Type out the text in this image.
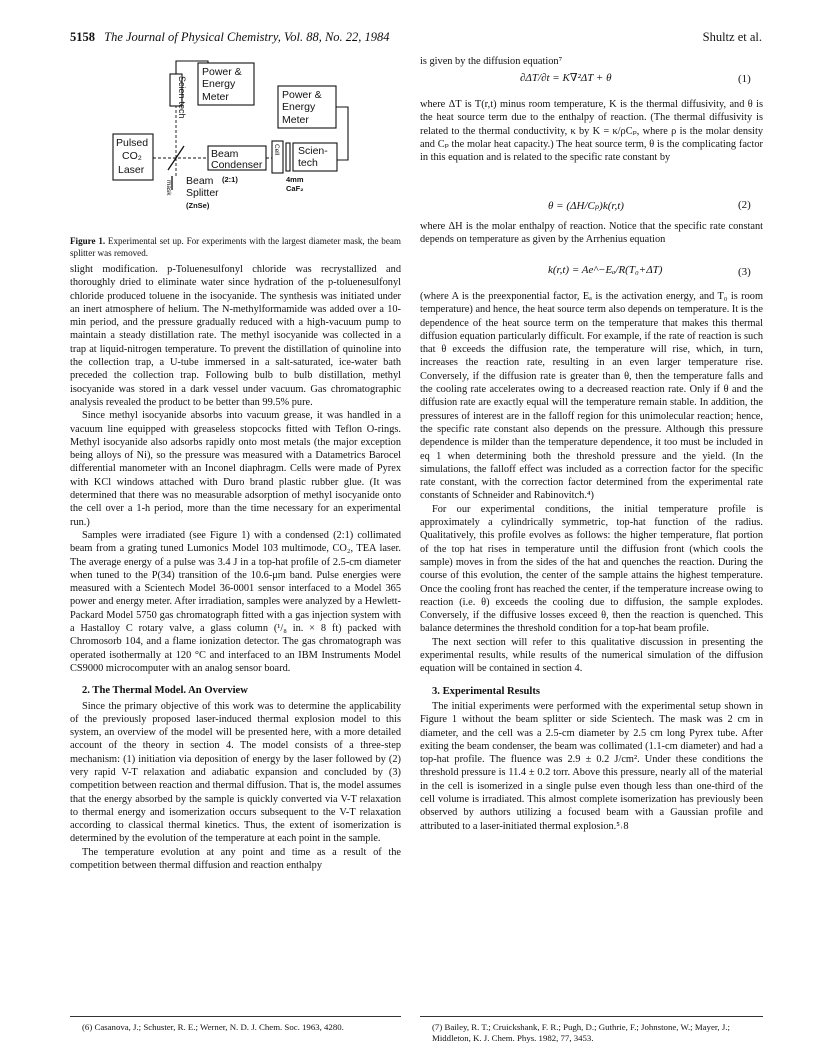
5158 The Journal of Physical Chemistry, Vol. 88, No. 22, 1984	Shultz et al.
Power &
Energy
Meter	Power &
Energy
Meter
Pulsed
CO₂
Laser
Beam
Condenser
Scien-
tech
Beam
Splitter
(2:1)
(ZnSe)
4mm
CaF₂
Scien-tech
Cell
mask
Figure 1. Experimental set up. For experiments with the largest diameter mask, the beam splitter was removed.

slight modification. p-Toluenesulfonyl chloride was recrystallized and thoroughly dried to eliminate water since hydration of the p-toluenesulfonyl chloride produced toluene in the isocyanide. The synthesis was initiated under an inert atmosphere of helium. The N-methylformamide was added over a 10-min period, and the pressure gradually reduced with a high-vacuum pump to maintain a steady distillation rate. The methyl isocyanide was collected in a trap at liquid-nitrogen temperature. To prevent the distillation of quinoline into the collection trap, a U-tube immersed in a salt-saturated, ice-water bath preceded the collection trap. Following bulb to bulb distillation, methyl isocyanide was stored in a dark vessel under vacuum. Gas chromatographic analysis revealed the product to be better than 99.5% pure.

Since methyl isocyanide absorbs into vacuum grease, it was handled in a vacuum line equipped with greaseless stopcocks fitted with Teflon O-rings. Methyl isocyanide also adsorbs rapidly onto most metals (the major exception being alloys of Ni), so the pressure was measured with a Datametrics Barocel differential manometer with an Inconel diaphragm. Cells were made of Pyrex with KCl windows attached with Duro brand plastic rubber glue. (It was determined that there was no measurable adsorption of methyl isocyanide onto the cell over a 1-h period, more than the time necessary for an experimental run.)

Samples were irradiated (see Figure 1) with a condensed (2:1) collimated beam from a grating tuned Lumonics Model 103 multimode, CO₂, TEA laser. The average energy of a pulse was 3.4 J in a top-hat profile of 2.5-cm diameter when tuned to the P(34) transition of the 10.6-μm band. Pulse energies were measured with a Scientech Model 36-0001 sensor interfaced to a Model 365 power and energy meter. After irradiation, samples were analyzed by a Hewlett-Packard Model 5750 gas chromatograph fitted with a gas injection system with a Hastalloy C rotary valve, a glass column (¹/₈ in. × 8 ft) packed with Chromosorb 104, and a flame ionization detector. The gas chromatograph was operated isothermally at 120 °C and interfaced to an IBM Instruments Model CS9000 microcomputer with an analog sensor board.

2. The Thermal Model. An Overview

Since the primary objective of this work was to determine the applicability of the previously proposed laser-induced thermal explosion model to this system, an overview of the model will be presented here, with a more detailed account of the theory in section 4. The model consists of a three-step mechanism: (1) initiation via deposition of energy by the laser followed by (2) very rapid V-T relaxation and adiabatic expansion and concluded by (3) competition between reaction and thermal diffusion. That is, the model assumes that the energy absorbed by the sample is quickly converted via V-T relaxation to thermal energy and isomerization occurs subsequent to the V-T relaxation according to classical thermal kinetics. Thus, the extent of isomerization is determined by the evolution of the temperature at each point in the sample.

The temperature evolution at any point and time as a result of the competition between thermal diffusion and reaction enthalpy

(6) Casanova, J.; Schuster, R. E.; Werner, N. D. J. Chem. Soc. 1963, 4280.

is given by the diffusion equation⁷

∂ΔT/∂t = K∇²ΔT + θ	(1)

where ΔT is T(r,t) minus room temperature, K is the thermal diffusivity, and θ is the heat source term due to the enthalpy of reaction. (The thermal diffusivity is related to the thermal conductivity, κ by K = κ/ρCₚ, where ρ is the molar density and Cₚ the molar heat capacity.) The heat source term, θ is the complicating factor in this equation and is related to the specific rate constant by

θ = (ΔH/Cₚ)k(r,t)	(2)

where ΔH is the molar enthalpy of reaction. Notice that the specific rate constant depends on temperature as given by the Arrhenius equation

k(r,t) = Ae^−Eₐ/R(T₀+ΔT)	(3)

(where A is the preexponential factor, Eₐ is the activation energy, and T₀ is room temperature) and hence, the heat source term also depends on temperature. It is the dependence of the heat source term on the temperature that makes this thermal diffusion equation particularly difficult. For example, if the rate of reaction is such that θ exceeds the diffusion rate, the temperature will rise, which, in turn, increases the reaction rate, resulting in an even larger temperature rise. Conversely, if the diffusion rate is greater than θ, then the temperature falls and the cooling rate accelerates owing to a decreased reaction rate. Only if θ and the diffusion rate are exactly equal will the temperature remain stable. In addition, the pressures of interest are in the falloff region for this unimolecular reaction; hence, the specific rate constant also depends on the pressure. Although this pressure dependence is milder than the temperature dependence, it too must be included in eq 1 when determining both the threshold pressure and the yield. (In the simulations, the falloff effect was included as a correction factor for the specific rate constant, with the correction factor determined from the experimental rate constants of Schneider and Rabinovitch.⁴)

For our experimental conditions, the initial temperature profile is approximately a cylindrically symmetric, top-hat function of the radius. Qualitatively, this profile evolves as follows: the higher temperature, flat portion of the top hat rises in temperature until the diffusion front (which cools the sample) moves in from the sides of the hat and quenches the reaction. During the course of this evolution, the center of the sample attains the highest temperature. Once the cooling front has reached the center, if the temperature increase owing to reaction (i.e. θ) exceeds the cooling due to diffusion, the sample explodes. Conversely, if the diffusive losses exceed θ, then the reaction is quenched. This balance determines the threshold condition for a top-hat beam profile.

The next section will refer to this qualitative discussion in presenting the experimental results, while results of the numerical simulation of the diffusion equation will be contained in section 4.

3. Experimental Results

The initial experiments were performed with the experimental setup shown in Figure 1 without the beam splitter or side Scientech. The mask was 2 cm in diameter, and the cell was a 2.5-cm diameter by 2.5 cm long Pyrex tube. After exiting the beam condenser, the beam was collimated (1.1-cm diameter) and had a top-hat profile. The fluence was 2.9 ± 0.2 J/cm². Under these conditions the threshold pressure is 11.4 ± 0.2 torr. Above this pressure, nearly all of the material in the cell is isomerized in a single pulse even though less than one-third of the cell volume is irradiated. This almost complete isomerization has previously been observed by authors utilizing a focused beam with a Gaussian profile and attributed to a laser-initiated thermal explosion.⁵˒8

(7) Bailey, R. T.; Cruickshank, F. R.; Pugh, D.; Guthrie, F.; Johnstone, W.; Mayer, J.; Middleton, K. J. Chem. Phys. 1982, 77, 3453.
